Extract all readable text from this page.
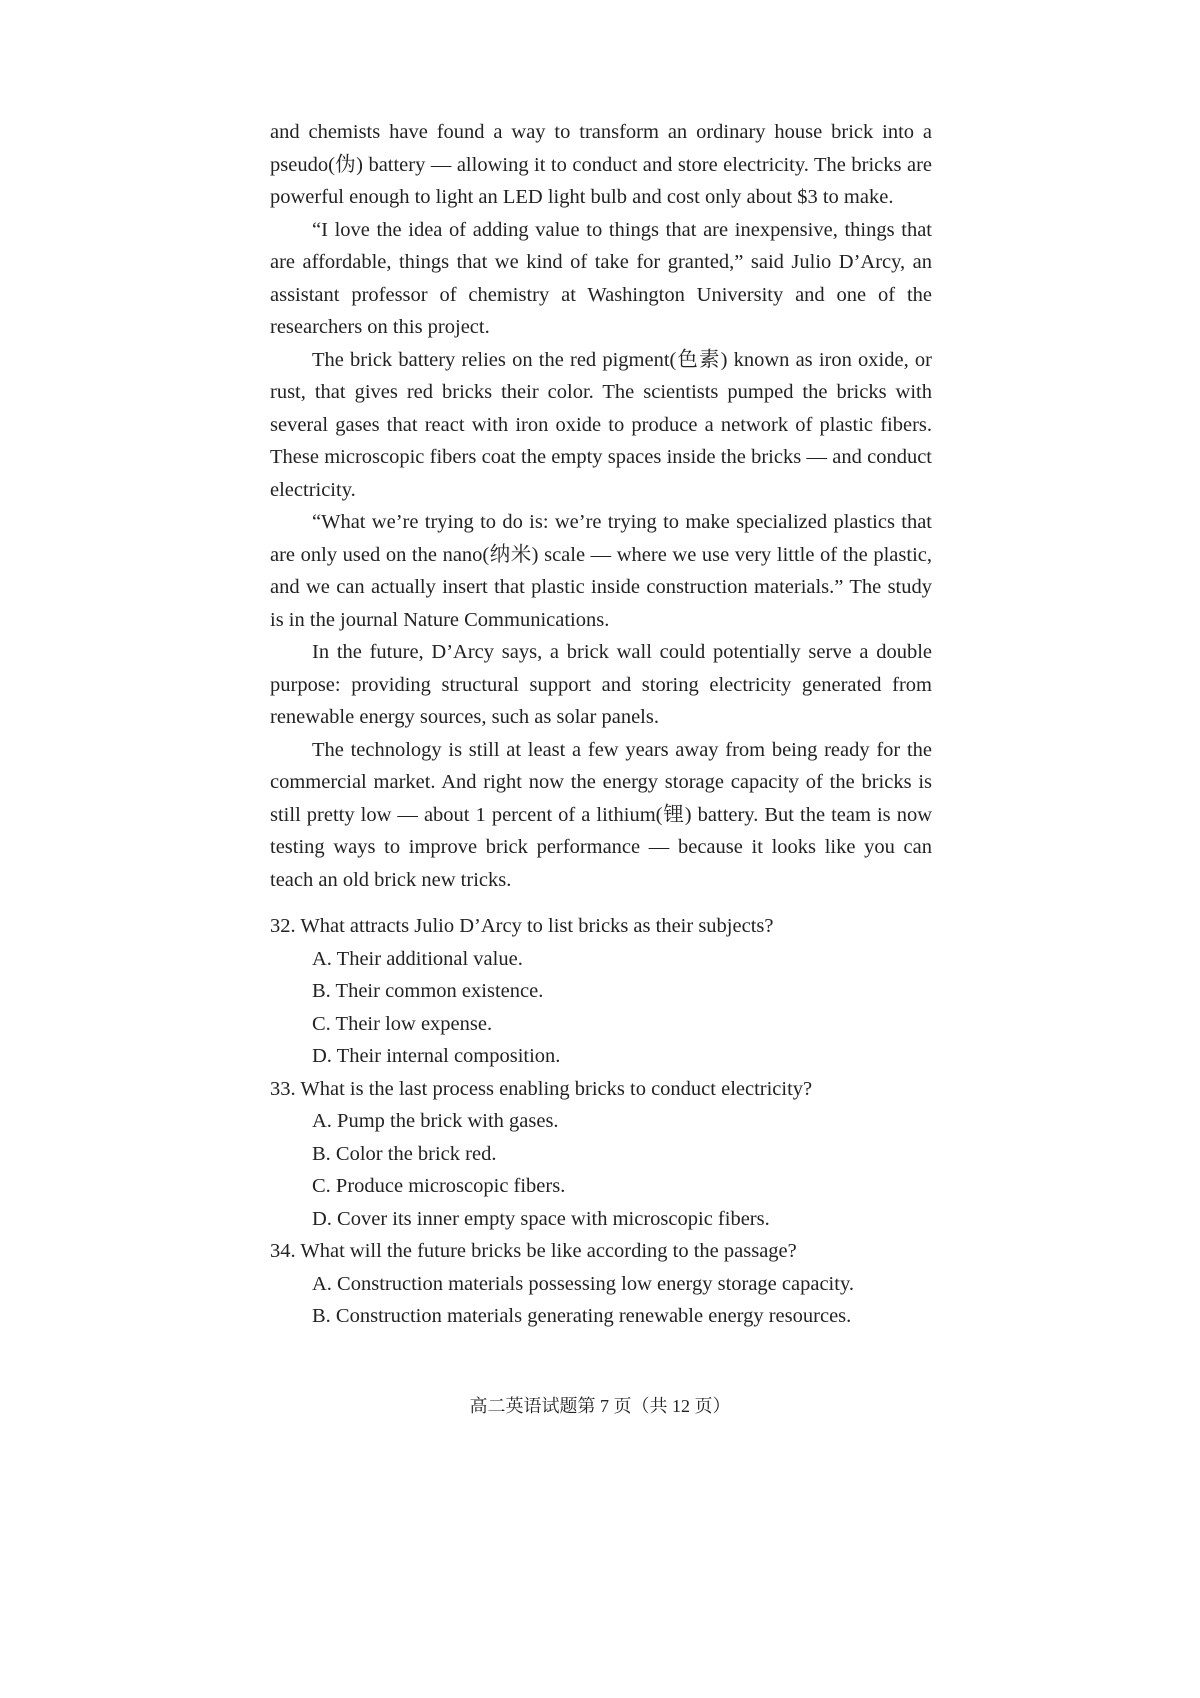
and chemists have found a way to transform an ordinary house brick into a pseudo(伪) battery — allowing it to conduct and store electricity. The bricks are powerful enough to light an LED light bulb and cost only about $3 to make.

“I love the idea of adding value to things that are inexpensive, things that are affordable, things that we kind of take for granted,” said Julio D’Arcy, an assistant professor of chemistry at Washington University and one of the researchers on this project.

The brick battery relies on the red pigment(色素) known as iron oxide, or rust, that gives red bricks their color. The scientists pumped the bricks with several gases that react with iron oxide to produce a network of plastic fibers. These microscopic fibers coat the empty spaces inside the bricks — and conduct electricity.

“What we’re trying to do is: we’re trying to make specialized plastics that are only used on the nano(纳米) scale — where we use very little of the plastic, and we can actually insert that plastic inside construction materials.” The study is in the journal Nature Communications.

In the future, D’Arcy says, a brick wall could potentially serve a double purpose: providing structural support and storing electricity generated from renewable energy sources, such as solar panels.

The technology is still at least a few years away from being ready for the commercial market. And right now the energy storage capacity of the bricks is still pretty low — about 1 percent of a lithium(锂) battery. But the team is now testing ways to improve brick performance — because it looks like you can teach an old brick new tricks.

32. What attracts Julio D’Arcy to list bricks as their subjects?

A. Their additional value.

B. Their common existence.

C. Their low expense.

D. Their internal composition.

33. What is the last process enabling bricks to conduct electricity?

A. Pump the brick with gases.

B. Color the brick red.

C. Produce microscopic fibers.

D. Cover its inner empty space with microscopic fibers.

34. What will the future bricks be like according to the passage?

A. Construction materials possessing low energy storage capacity.

B. Construction materials generating renewable energy resources.

高二英语试题第 7 页（共 12 页）
